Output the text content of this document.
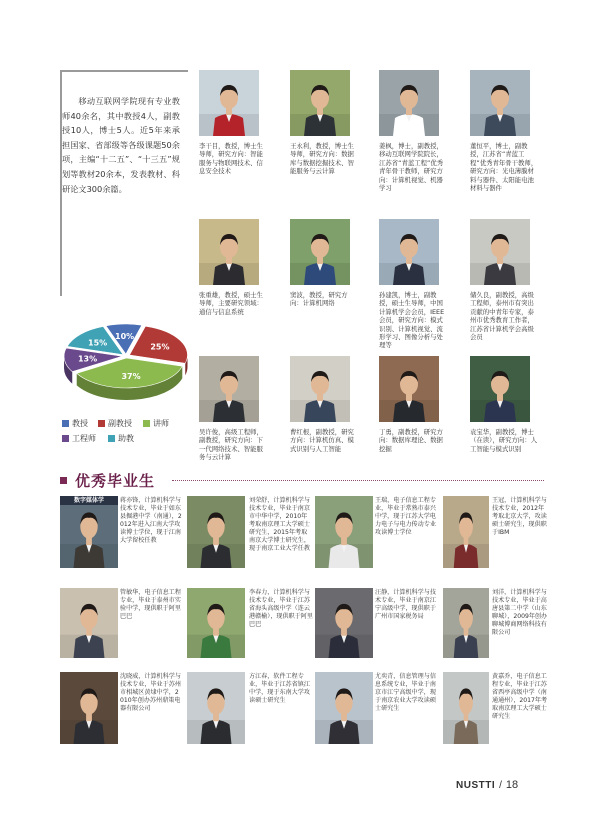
移动互联网学院现有专业教师40余名，其中教授4人，副教授10人，博士5人。近5年来承担国家、省部级等各级课题50余项，主编“十二五”、“十三五”规划等教材20余本，发表教材、科研论文300余篇。

李干目，教授，博士生导师，研究方向：智能服务与物联网技术、信息安全技术
王永利，教授，博士生导师，研究方向：数据库与数据挖掘技术、智能服务与云计算
姜枫，博士，副教授，移动互联网学院院长，江苏省“青蓝工程”优秀青年骨干教师，研究方向：计算机视觉、机器学习
董恒平，博士，副教授，江苏省“青蓝工程”优秀青年骨干教师，研究方向：光电薄膜材料与器件、太阳能电池材料与器件
张重雄，教授，硕士生导师，主要研究领域：通信与信息系统
窦波，教授，研究方向：计算机网络
孙建凯，博士，副教授，硕士生导师，中国计算机学会会员，IEEE会员，研究方向：模式识别、计算机视觉、流形学习、图像分析与处理等
储久良，副教授，高级工程师，泰州市有突出贡献的中青年专家，泰州市优秀教育工作者，江苏省计算机学会高级会员
吴许俊，高级工程师，副教授，研究方向：下一代网络技术、智能服务与云计算
曹红根，副教授，研究方向：计算机仿真、模式识别与人工智能
丁勇，副教授，研究方向：数据库理论、数据挖掘
袁宝华，副教授，博士（在读），研究方向：人工智能与模式识别
10%
25%
37%
13%
15%
教授	副教授	讲师
工程师	助教
优秀毕业生
数字媒体学	蒋亦锋，计算机科学与技术专业，毕业于如东县掘港中学（南通），2012年进入江南大学攻读博士学位，现于江南大学留校任教
刘荣舒，计算机科学与技术专业，毕业于南京市中华中学，2010年考取南京理工大学硕士研究生，2015年考取南京大学博士研究生，现于南京工业大学任教
王瑞，电子信息工程专业，毕业于常熟市泰兴中学，现于江苏大学电力电子与电力传动专业攻读博士学位
王冠，计算机科学与技术专业，2012年考取北京大学，攻读硕士研究生，现供职于IBM
管敏华，电子信息工程专业，毕业于泰州市实验中学，现供职于阿里巴巴
李春力，计算机科学与技术专业，毕业于江苏省海头高级中学（连云港赣榆），现供职于阿里巴巴
汪静，计算机科学与技术专业，毕业于南京江宁高级中学，现供职于广州市国家税务局
刘洋，计算机科学与技术专业，毕业于高唐县第二中学（山东聊城），2009年创办聊城博商网络科技有限公司
沈晓威，计算机科学与技术专业，毕业于苏州市相城区黄埭中学，2010年创办苏州鼎策电器有限公司
方江春，软件工程专业，毕业于江苏省镇江中学，现于东南大学攻读硕士研究生
尤奕青，信息管理与信息系统专业，毕业于南京市江宁高级中学，现于南京农业大学攻读硕士研究生
黄嘉乔，电子信息工程专业，毕业于江苏省西亭高级中学（南通通州），2017年考取南京理工大学硕士研究生
NUSTTI / 18
